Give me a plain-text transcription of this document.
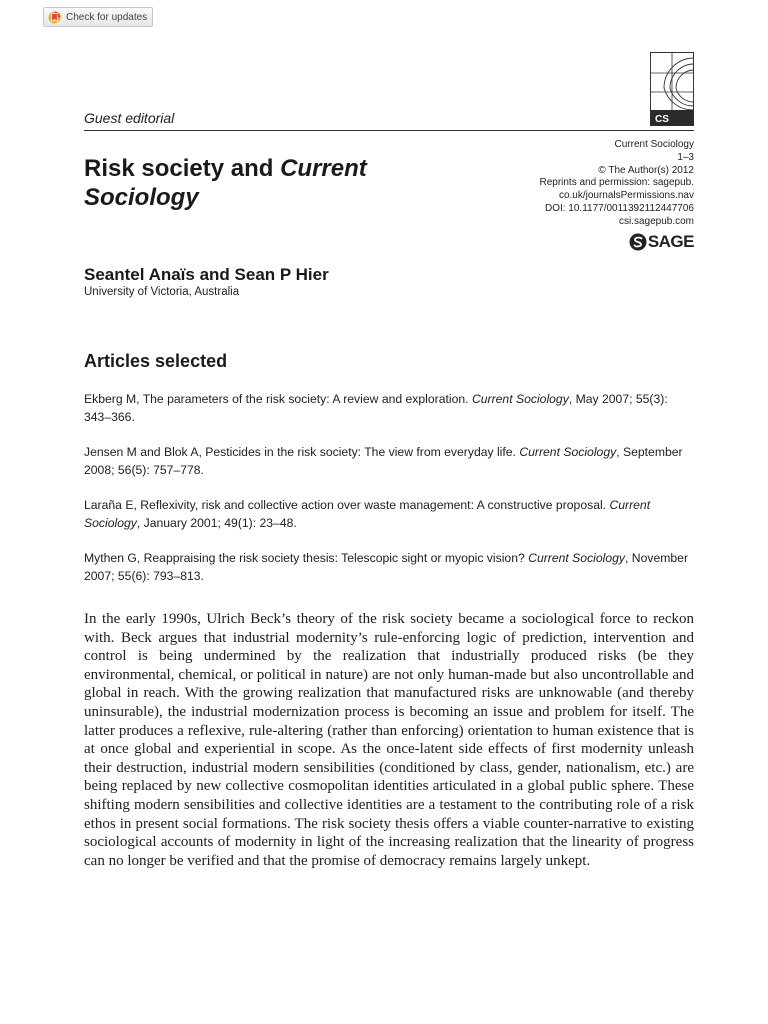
Check for updates
CS
Guest editorial
Risk society and Current Sociology
Current Sociology
1–3
© The Author(s) 2012
Reprints and permission: sagepub.
co.uk/journalsPermissions.nav
DOI: 10.1177/0011392112447706
csi.sagepub.com
SAGE
Seantel Anaïs and Sean P Hier
University of Victoria, Australia
Articles selected
Ekberg M, The parameters of the risk society: A review and exploration. Current Sociology, May 2007; 55(3): 343–366.
Jensen M and Blok A, Pesticides in the risk society: The view from everyday life. Current Sociology, September 2008; 56(5): 757–778.
Laraña E, Reflexivity, risk and collective action over waste management: A constructive proposal. Current Sociology, January 2001; 49(1): 23–48.
Mythen G, Reappraising the risk society thesis: Telescopic sight or myopic vision? Current Sociology, November 2007; 55(6): 793–813.

In the early 1990s, Ulrich Beck’s theory of the risk society became a sociological force to reckon with. Beck argues that industrial modernity’s rule-enforcing logic of prediction, intervention and control is being undermined by the realization that industrially produced risks (be they environmental, chemical, or political in nature) are not only human-made but also uncontrollable and global in reach. With the growing realization that manufactured risks are unknowable (and thereby uninsurable), the industrial modernization process is becoming an issue and problem for itself. The latter produces a reflexive, rule-altering (rather than enforcing) orientation to human existence that is at once global and experiential in scope. As the once-latent side effects of first modernity unleash their destruction, industrial modern sensibilities (conditioned by class, gender, nationalism, etc.) are being replaced by new collective cosmopolitan identities articulated in a global public sphere. These shifting modern sensibilities and collective identities are a testament to the contributing role of a risk ethos in present social formations. The risk society thesis offers a viable counter-narrative to existing sociological accounts of modernity in light of the increasing realization that the linearity of progress can no longer be verified and that the promise of democracy remains largely unkept.
